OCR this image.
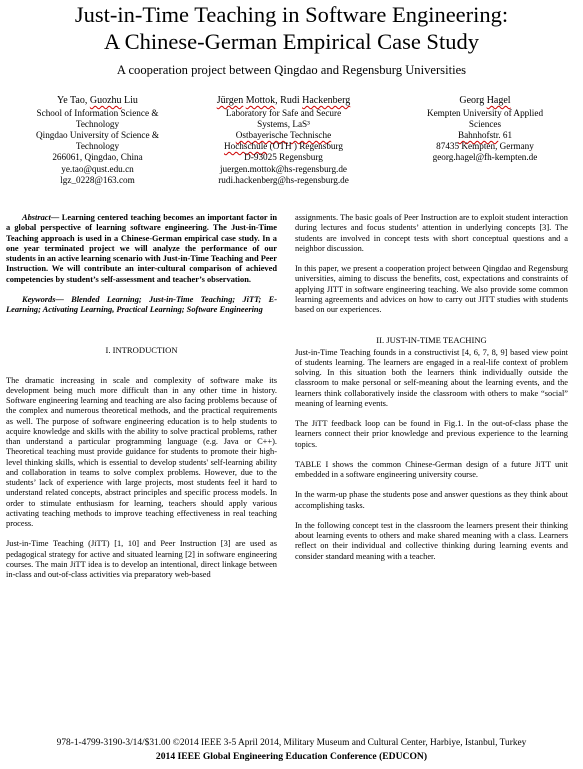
Just-in-Time Teaching in Software Engineering:
A Chinese-German Empirical Case Study
A cooperation project between Qingdao and Regensburg Universities
Ye Tao, Guozhu Liu
School of Information Science &
Technology
Qingdao University of Science &
Technology
266061, Qingdao, China
ye.tao@qust.edu.cn
lgz_0228@163.com
Jürgen Mottok, Rudi Hackenberg
Laboratory for Safe and Secure
Systems, LaS³
Ostbayerische Technische
Hochschule (OTH ) Regensburg
D-93025 Regensburg
juergen.mottok@hs-regensburg.de
rudi.hackenberg@hs-regensburg.de
Georg Hagel
Kempten University of Applied
Sciences
Bahnhofstr. 61
87435 Kempten, Germany
georg.hagel@fh-kempten.de

Abstract— Learning centered teaching becomes an important factor in a global perspective of learning software engineering. The Just-in-Time Teaching approach is used in a Chinese-German empirical case study. In a one year terminated project we will analyze the performance of our students in an active learning scenario with Just-in-Time Teaching and Peer Instruction. We will contribute an inter-cultural comparison of achieved competencies by student’s self-assessment and teacher’s observation.

Keywords— Blended Learning; Just-in-Time Teaching; JiTT; E-Learning; Activating Learning, Practical Learning; Software Engineering

I. INTRODUCTION

The dramatic increasing in scale and complexity of software make its development being much more difficult than in any other time in history. Software engineering learning and teaching are also facing problems because of the complex and numerous theoretical methods, and the practical requirements as well. The purpose of software engineering education is to help students to acquire knowledge and skills with the ability to solve practical problems, rather than understand a particular programming language (e.g. Java or C++). Theoretical teaching must provide guidance for students to promote their high-level thinking skills, which is essential to develop students' self-learning ability and collaboration in teams to solve complex problems. However, due to the students’ lack of experience with large projects, most students feel it hard to understand related concepts, abstract principles and specific process models. In order to stimulate enthusiasm for learning, teachers should apply various activating teaching methods to improve teaching effectiveness in real teaching process.

Just-in-Time Teaching (JiTT) [1, 10] and Peer Instruction [3] are used as pedagogical strategy for active and situated learning [2] in software engineering courses. The main JiTT idea is to develop an intentional, direct linkage between in-class and out-of-class activities via preparatory web-based

assignments. The basic goals of Peer Instruction are to exploit student interaction during lectures and focus students’ attention in underlying concepts [3]. The students are involved in concept tests with short conceptual questions and a neighbor discussion.

In this paper, we present a cooperation project between Qingdao and Regensburg universities, aiming to discuss the benefits, cost, expectations and constraints of applying JITT in software engineering teaching. We also provide some common learning agreements and advices on how to carry out JITT studies with students based on our experiences.

II. JUST-IN-TIME TEACHING

Just-in-Time Teaching founds in a constructivist [4, 6, 7, 8, 9] based view point of students learning. The learners are engaged in a real-life context of problem solving. In this situation both the learners think individually outside the classroom to make personal or self-meaning about the learning events, and the learners think collaboratively inside the classroom with others to make “social” meaning of learning events.

The JiTT feedback loop can be found in Fig.1. In the out-of-class phase the learners connect their prior knowledge and previous experience to the learning topics.

TABLE I shows the common Chinese-German design of a future JiTT unit embedded in a software engineering university course.

In the warm-up phase the students pose and answer questions as they think about accomplishing tasks.

In the following concept test in the classroom the learners present their thinking about learning events to others and make shared meaning with a class. Learners reflect on their individual and collective thinking during learning events and consider standard meaning with a teacher.

978-1-4799-3190-3/14/$31.00 ©2014 IEEE 3-5 April 2014, Military Museum and Cultural Center, Harbiye, Istanbul, Turkey
2014 IEEE Global Engineering Education Conference (EDUCON)
